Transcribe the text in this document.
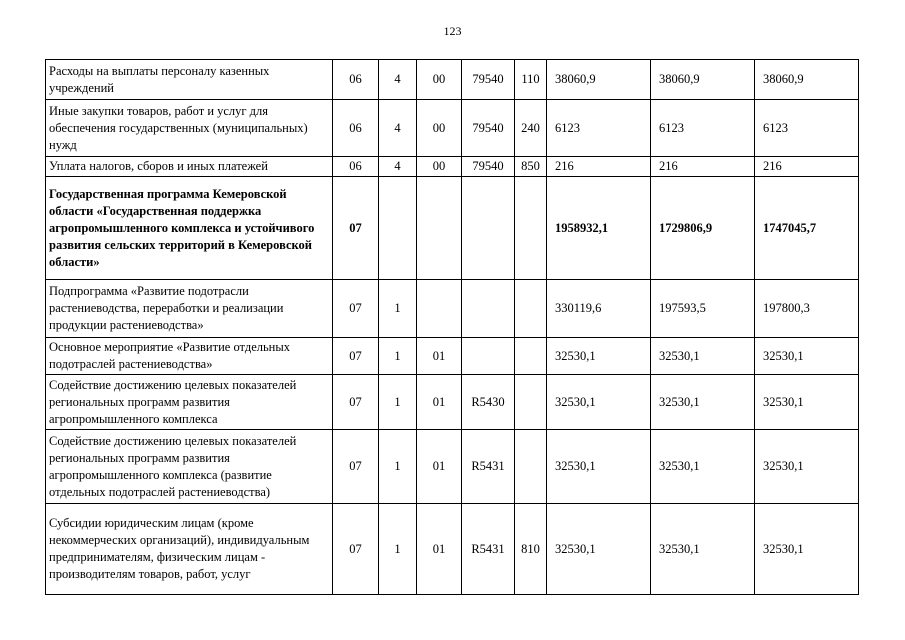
123
Расходы на выплаты персоналу казенных учреждений	06	4	00	79540	110	38060,9	38060,9	38060,9
Иные закупки товаров, работ и услуг для обеспечения государственных (муниципальных) нужд	06	4	00	79540	240	6123	6123	6123
Уплата налогов, сборов и иных платежей	06	4	00	79540	850	216	216	216
Государственная программа Кемеровской области «Государственная поддержка агропромышленного комплекса и устойчивого развития сельских территорий в Кемеровской области»	07					1958932,1	1729806,9	1747045,7
Подпрограмма «Развитие подотрасли растениеводства, переработки и реализации продукции растениеводства»	07	1				330119,6	197593,5	197800,3
Основное мероприятие «Развитие отдельных подотраслей растениеводства»	07	1	01			32530,1	32530,1	32530,1
Содействие достижению целевых показателей региональных программ развития агропромышленного комплекса	07	1	01	R5430		32530,1	32530,1	32530,1
Содействие достижению целевых показателей региональных программ развития агропромышленного комплекса (развитие отдельных подотраслей растениеводства)	07	1	01	R5431		32530,1	32530,1	32530,1
Субсидии юридическим лицам (кроме некоммерческих организаций), индивидуальным предпринимателям, физическим лицам - производителям товаров, работ, услуг	07	1	01	R5431	810	32530,1	32530,1	32530,1
